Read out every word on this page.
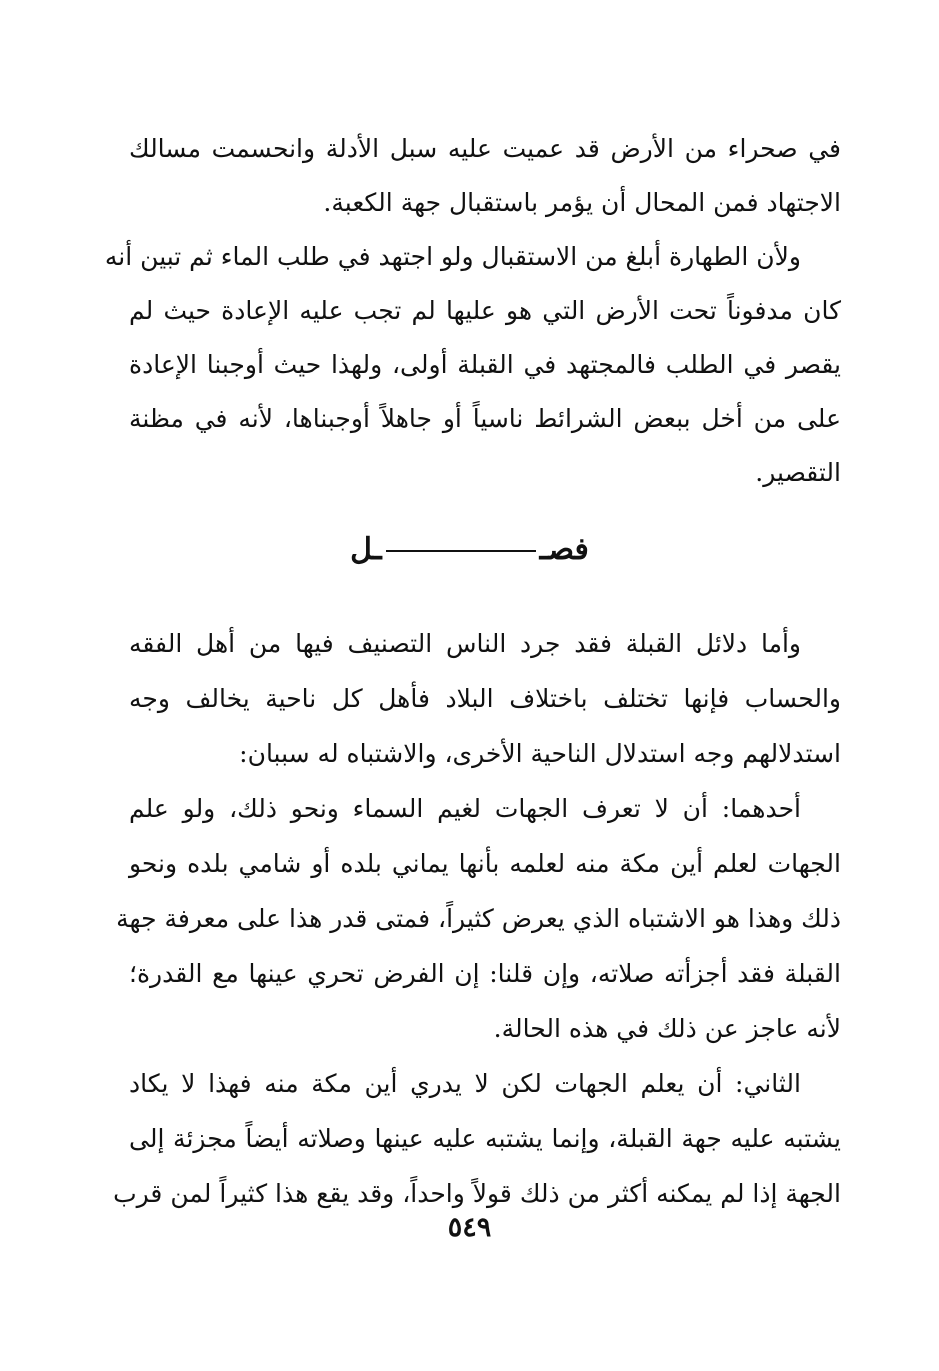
في صحراء من الأرض قد عميت عليه سبل الأدلة وانحسمت مسالك
الاجتهاد فمن المحال أن يؤمر باستقبال جهة الكعبة.
ولأن الطهارة أبلغ من الاستقبال ولو اجتهد في طلب الماء ثم تبين أنه
كان مدفوناً تحت الأرض التي هو عليها لم تجب عليه الإعادة حيث لم
يقصر في الطلب فالمجتهد في القبلة أولى، ولهذا حيث أوجبنا الإعادة
على من أخل ببعض الشرائط ناسياً أو جاهلاً أوجبناها، لأنه في مظنة
التقصير.
فصــل
وأما دلائل القبلة فقد جرد الناس التصنيف فيها من أهل الفقه
والحساب فإنها تختلف باختلاف البلاد فأهل كل ناحية يخالف وجه
استدلالهم وجه استدلال الناحية الأخرى، والاشتباه له سببان:
أحدهما: أن لا تعرف الجهات لغيم السماء ونحو ذلك، ولو علم
الجهات لعلم أين مكة منه لعلمه بأنها يماني بلده أو شامي بلده ونحو
ذلك وهذا هو الاشتباه الذي يعرض كثيراً، فمتى قدر هذا على معرفة جهة
القبلة فقد أجزأته صلاته، وإن قلنا: إن الفرض تحري عينها مع القدرة؛
لأنه عاجز عن ذلك في هذه الحالة.
الثاني: أن يعلم الجهات لكن لا يدري أين مكة منه فهذا لا يكاد
يشتبه عليه جهة القبلة، وإنما يشتبه عليه عينها وصلاته أيضاً مجزئة إلى
الجهة إذا لم يمكنه أكثر من ذلك قولاً واحداً، وقد يقع هذا كثيراً لمن قرب
٥٤٩
